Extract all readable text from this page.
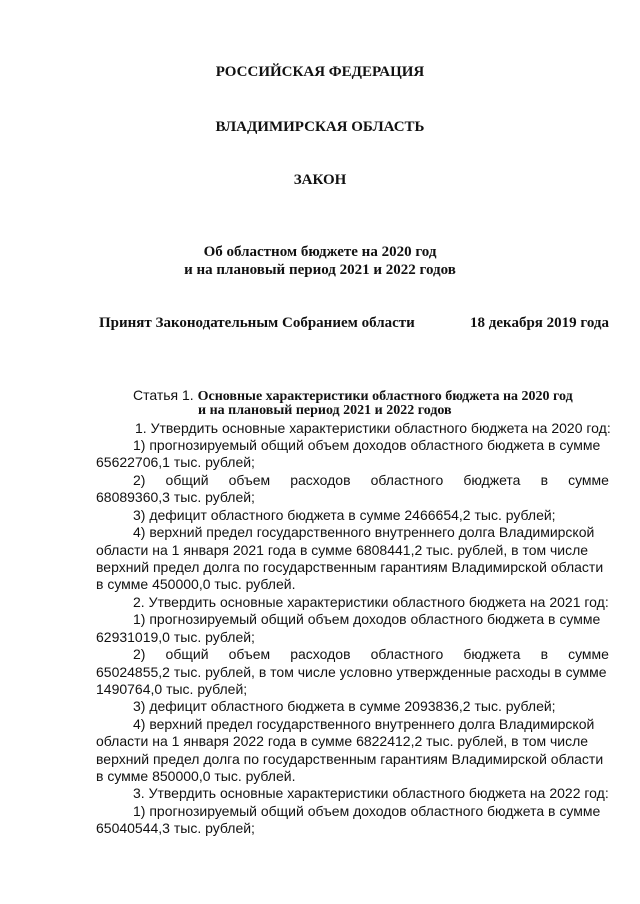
РОССИЙСКАЯ ФЕДЕРАЦИЯ
ВЛАДИМИРСКАЯ ОБЛАСТЬ
ЗАКОН
Об областном бюджете на 2020 год
и на плановый период 2021 и 2022 годов
Принят Законодательным Собранием области	18 декабря 2019 года
Статья 1. Основные характеристики областного бюджета на 2020 год
и на плановый период 2021 и 2022 годов
1. Утвердить основные характеристики областного бюджета на 2020 год:
1) прогнозируемый общий объем доходов областного бюджета в сумме
65622706,1 тыс. рублей;
2) общий объем расходов областного бюджета в сумме
68089360,3 тыс. рублей;
3) дефицит областного бюджета в сумме 2466654,2 тыс. рублей;
4) верхний предел государственного внутреннего долга Владимирской
области на 1 января 2021 года в сумме 6808441,2 тыс. рублей, в том числе
верхний предел долга по государственным гарантиям Владимирской области
в сумме 450000,0 тыс. рублей.
2. Утвердить основные характеристики областного бюджета на 2021 год:
1) прогнозируемый общий объем доходов областного бюджета в сумме
62931019,0 тыс. рублей;
2) общий объем расходов областного бюджета в сумме
65024855,2 тыс. рублей, в том числе условно утвержденные расходы в сумме
1490764,0 тыс. рублей;
3) дефицит областного бюджета в сумме 2093836,2 тыс. рублей;
4) верхний предел государственного внутреннего долга Владимирской
области на 1 января 2022 года в сумме 6822412,2 тыс. рублей, в том числе
верхний предел долга по государственным гарантиям Владимирской области
в сумме 850000,0 тыс. рублей.
3. Утвердить основные характеристики областного бюджета на 2022 год:
1) прогнозируемый общий объем доходов областного бюджета в сумме
65040544,3 тыс. рублей;
